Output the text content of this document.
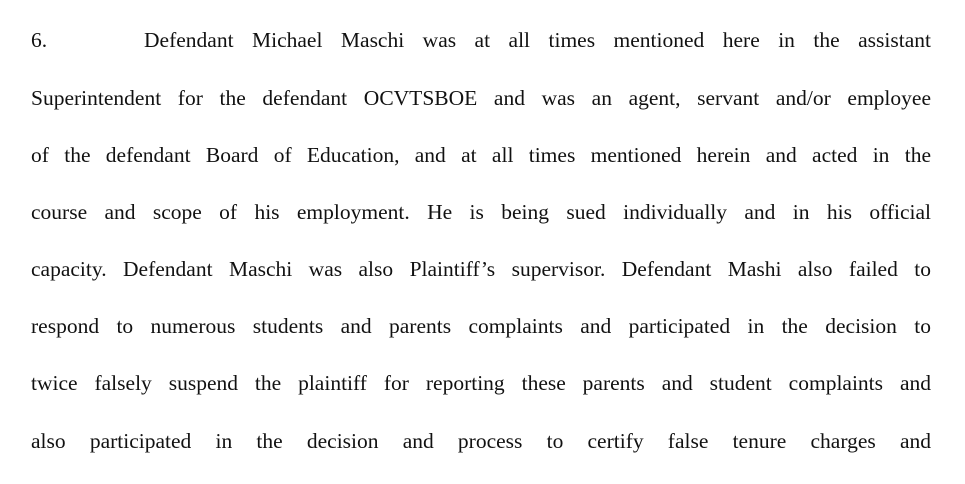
6.	Defendant Michael Maschi was at all times mentioned here in the assistant
Superintendent for the defendant OCVTSBOE and was an agent, servant and/or employee
of the defendant Board of Education, and at all times mentioned herein and acted in the
course and scope of his employment. He is being sued individually and in his official
capacity. Defendant Maschi was also Plaintiff’s supervisor. Defendant Mashi also failed to
respond to numerous students and parents complaints and participated in the decision to
twice falsely suspend the plaintiff for reporting these parents and student complaints and
also participated in the decision and process to certify false tenure charges and
